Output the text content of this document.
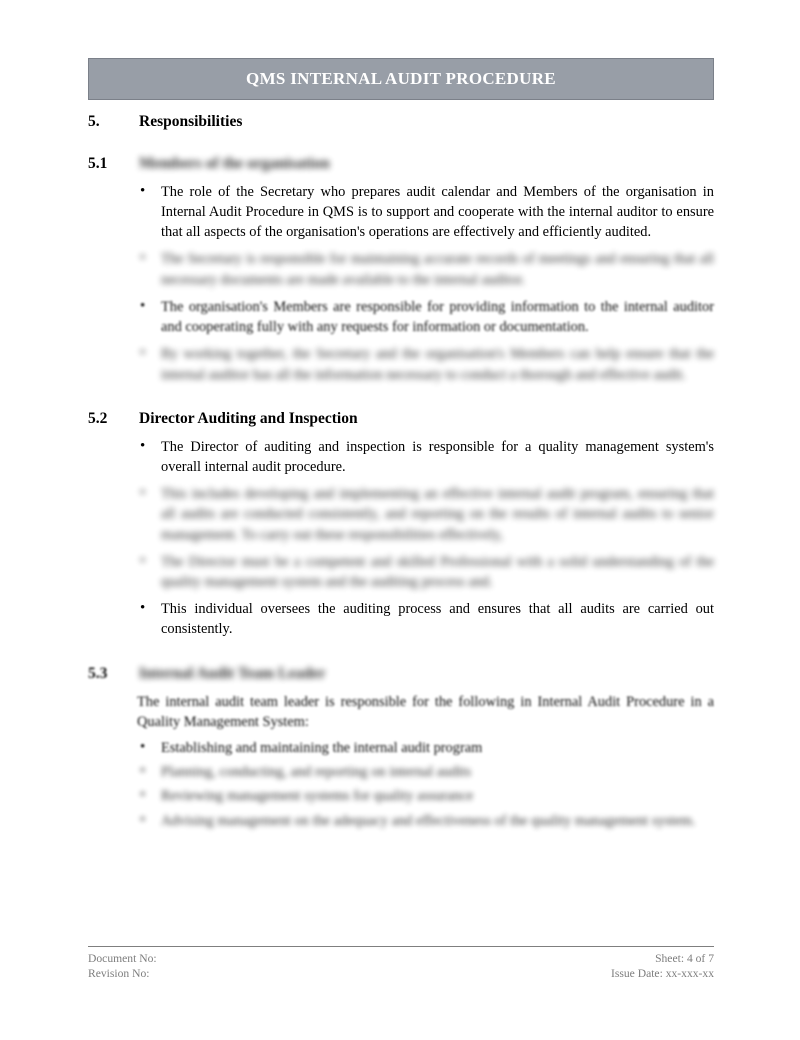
QMS INTERNAL AUDIT PROCEDURE
5.	Responsibilities
5.1	Members of the organisation
• The role of the Secretary who prepares audit calendar and Members of the organisation in Internal Audit Procedure in QMS is to support and cooperate with the internal auditor to ensure that all aspects of the organisation's operations are effectively and efficiently audited.
• The Secretary is responsible for maintaining accurate records of meetings and ensuring that all necessary documents are made available to the internal auditor.
• The organisation's Members are responsible for providing information to the internal auditor and cooperating fully with any requests for information or documentation.
• By working together, the Secretary and the organisation's Members can help ensure that the internal auditor has all the information necessary to conduct a thorough and effective audit.
5.2	Director Auditing and Inspection
• The Director of auditing and inspection is responsible for a quality management system's overall internal audit procedure.
• This includes developing and implementing an effective internal audit program, ensuring that all audits are conducted consistently, and reporting on the results of internal audits to senior management. To carry out these responsibilities effectively,
• The Director must be a competent and skilled Professional with a solid understanding of the quality management system and the auditing process and.
• This individual oversees the auditing process and ensures that all audits are carried out consistently.
5.3	Internal Audit Team Leader

The internal audit team leader is responsible for the following in Internal Audit Procedure in a Quality Management System:

• Establishing and maintaining the internal audit program
• Planning, conducting, and reporting on internal audits
• Reviewing management systems for quality assurance
• Advising management on the adequacy and effectiveness of the quality management system.
Document No:	Sheet: 4 of 7
Revision No:	Issue Date: xx-xxx-xx
